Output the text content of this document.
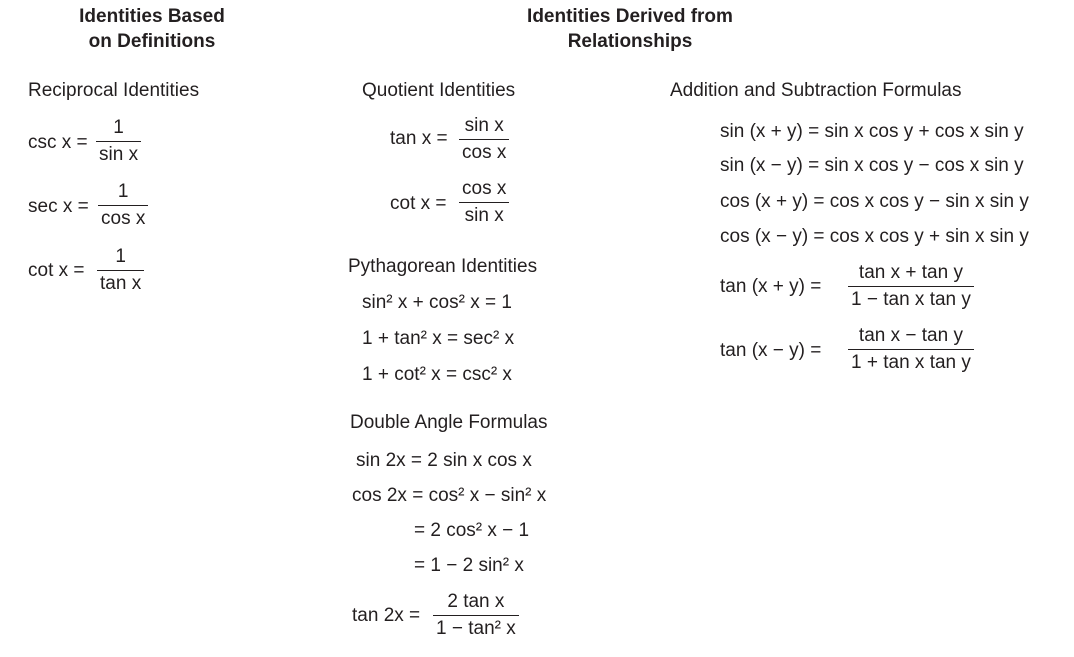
Identities Based
on Definitions
Identities Derived from
Relationships
Reciprocal Identities
csc x =
1
sin x
sec x =
1
cos x
cot x =
1
tan x
Quotient Identities
tan x =
sin x
cos x
cot x =
cos x
sin x
Pythagorean Identities
sin² x + cos² x = 1
1 + tan² x = sec² x
1 + cot² x = csc² x
Double Angle Formulas
sin 2x = 2 sin x cos x
cos 2x = cos² x − sin² x
= 2 cos² x − 1
= 1 − 2 sin² x
tan 2x =
2 tan x
1 − tan² x
Addition and Subtraction Formulas
sin (x + y) = sin x cos y + cos x sin y
sin (x − y) = sin x cos y − cos x sin y
cos (x + y) = cos x cos y − sin x sin y
cos (x − y) = cos x cos y + sin x sin y
tan (x + y) =
tan x + tan y
1 − tan x tan y
tan (x − y) =
tan x − tan y
1 + tan x tan y
